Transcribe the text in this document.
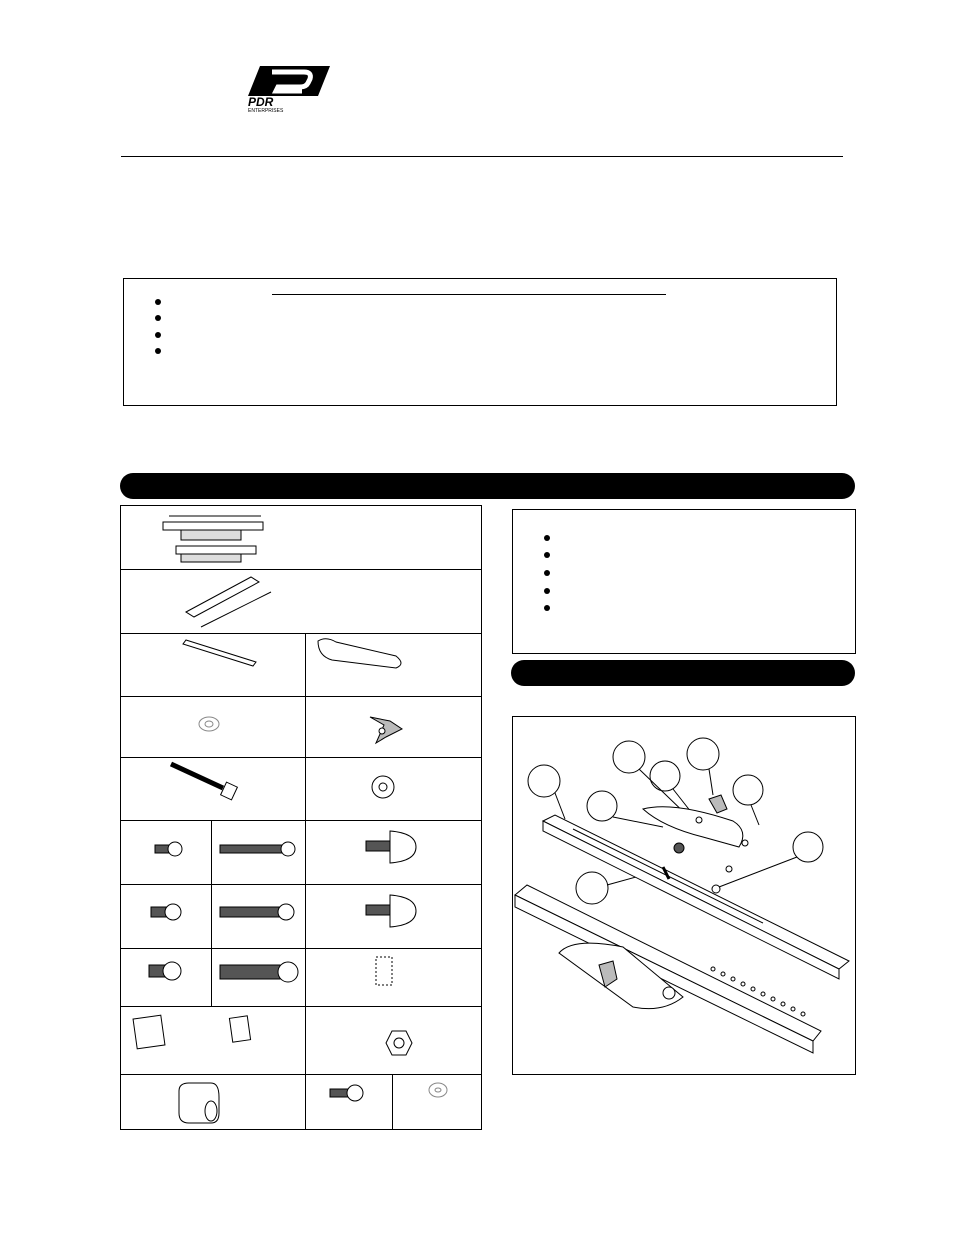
PDR
ENTERPRISES
